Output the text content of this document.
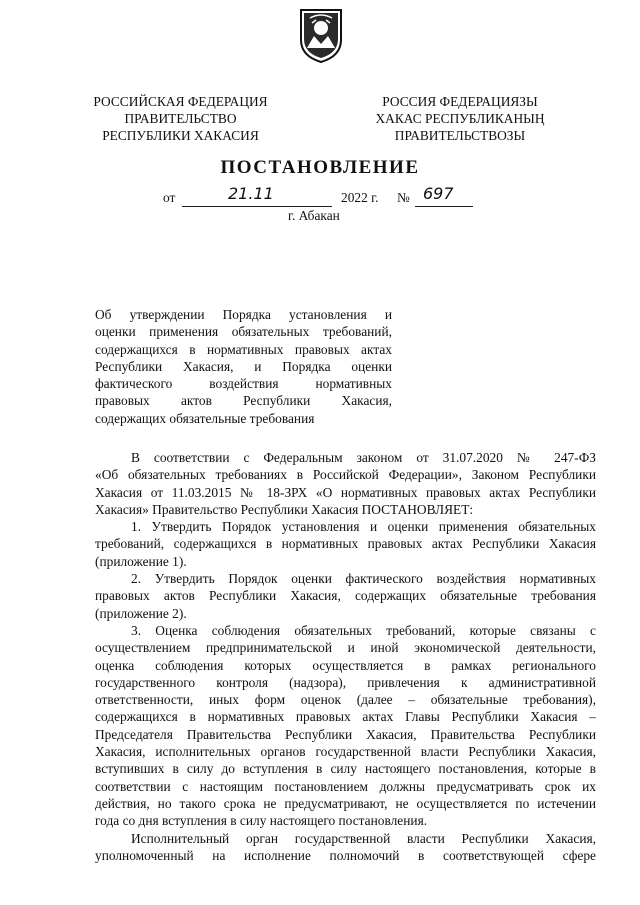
РОССИЙСКАЯ ФЕДЕРАЦИЯ
ПРАВИТЕЛЬСТВО
РЕСПУБЛИКИ ХАКАСИЯ
РОССИЯ ФЕДЕРАЦИЯЗЫ
ХАКАС РЕСПУБЛИКАНЫҢ
ПРАВИТЕЛЬСТВОЗЫ
ПОСТАНОВЛЕНИЕ
от	21.11	2022 г. № 697
г. Абакан
Об утверждении Порядка установления и
оценки применения обязательных требований,
содержащихся в нормативных правовых актах
Республики Хакасия, и Порядка оценки
фактического воздействия нормативных
правовых актов Республики Хакасия,
содержащих обязательные требования
В соответствии с Федеральным законом от 31.07.2020 № 247-ФЗ
«Об обязательных требованиях в Российской Федерации», Законом Республики
Хакасия от 11.03.2015 № 18-ЗРХ «О нормативных правовых актах Республики
Хакасия» Правительство Республики Хакасия ПОСТАНОВЛЯЕТ:
1. Утвердить Порядок установления и оценки применения обязательных
требований, содержащихся в нормативных правовых актах Республики Хакасия
(приложение 1).
2. Утвердить Порядок оценки фактического воздействия нормативных
правовых актов Республики Хакасия, содержащих обязательные требования
(приложение 2).
3. Оценка соблюдения обязательных требований, которые связаны с
осуществлением предпринимательской и иной экономической деятельности,
оценка соблюдения которых осуществляется в рамках регионального
государственного контроля (надзора), привлечения к административной
ответственности, иных форм оценок (далее – обязательные требования),
содержащихся в нормативных правовых актах Главы Республики Хакасия –
Председателя Правительства Республики Хакасия, Правительства Республики
Хакасия, исполнительных органов государственной власти Республики Хакасия,
вступивших в силу до вступления в силу настоящего постановления, которые в
соответствии с настоящим постановлением должны предусматривать срок их
действия, но такого срока не предусматривают, не осуществляется по истечении
года со дня вступления в силу настоящего постановления.
Исполнительный орган государственной власти Республики Хакасия,
уполномоченный на исполнение полномочий в соответствующей сфере
